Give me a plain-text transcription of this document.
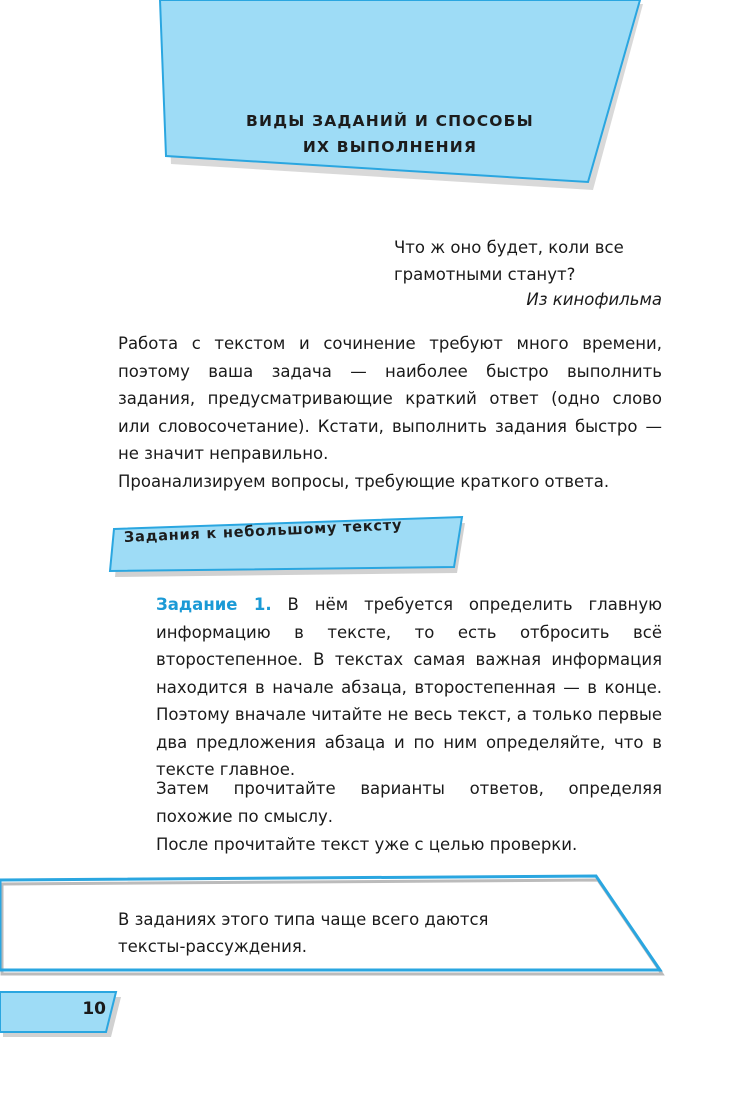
ВИДЫ ЗАДАНИЙ И СПОСОБЫ
ИХ ВЫПОЛНЕНИЯ
Что ж оно будет, коли все
грамотными станут?
Из кинофильма
Работа с текстом и сочинение требуют много времени, поэтому ваша задача — наиболее быстро выполнить задания, предусматривающие краткий ответ (одно слово или словосочетание). Кстати, выполнить задания быстро — не значит неправильно.
Проанализируем вопросы, требующие краткого ответа.
Задания к небольшому тексту
Задание 1. В нём требуется определить главную информацию в тексте, то есть отбросить всё второстепенное. В текстах самая важная информация находится в начале абзаца, второстепенная — в конце. Поэтому вначале читайте не весь текст, а только первые два предложения абзаца и по ним определяйте, что в тексте главное.
Затем прочитайте варианты ответов, определяя похожие по смыслу.
После прочитайте текст уже с целью проверки.
В заданиях этого типа чаще всего даются
тексты-рассуждения.
10
